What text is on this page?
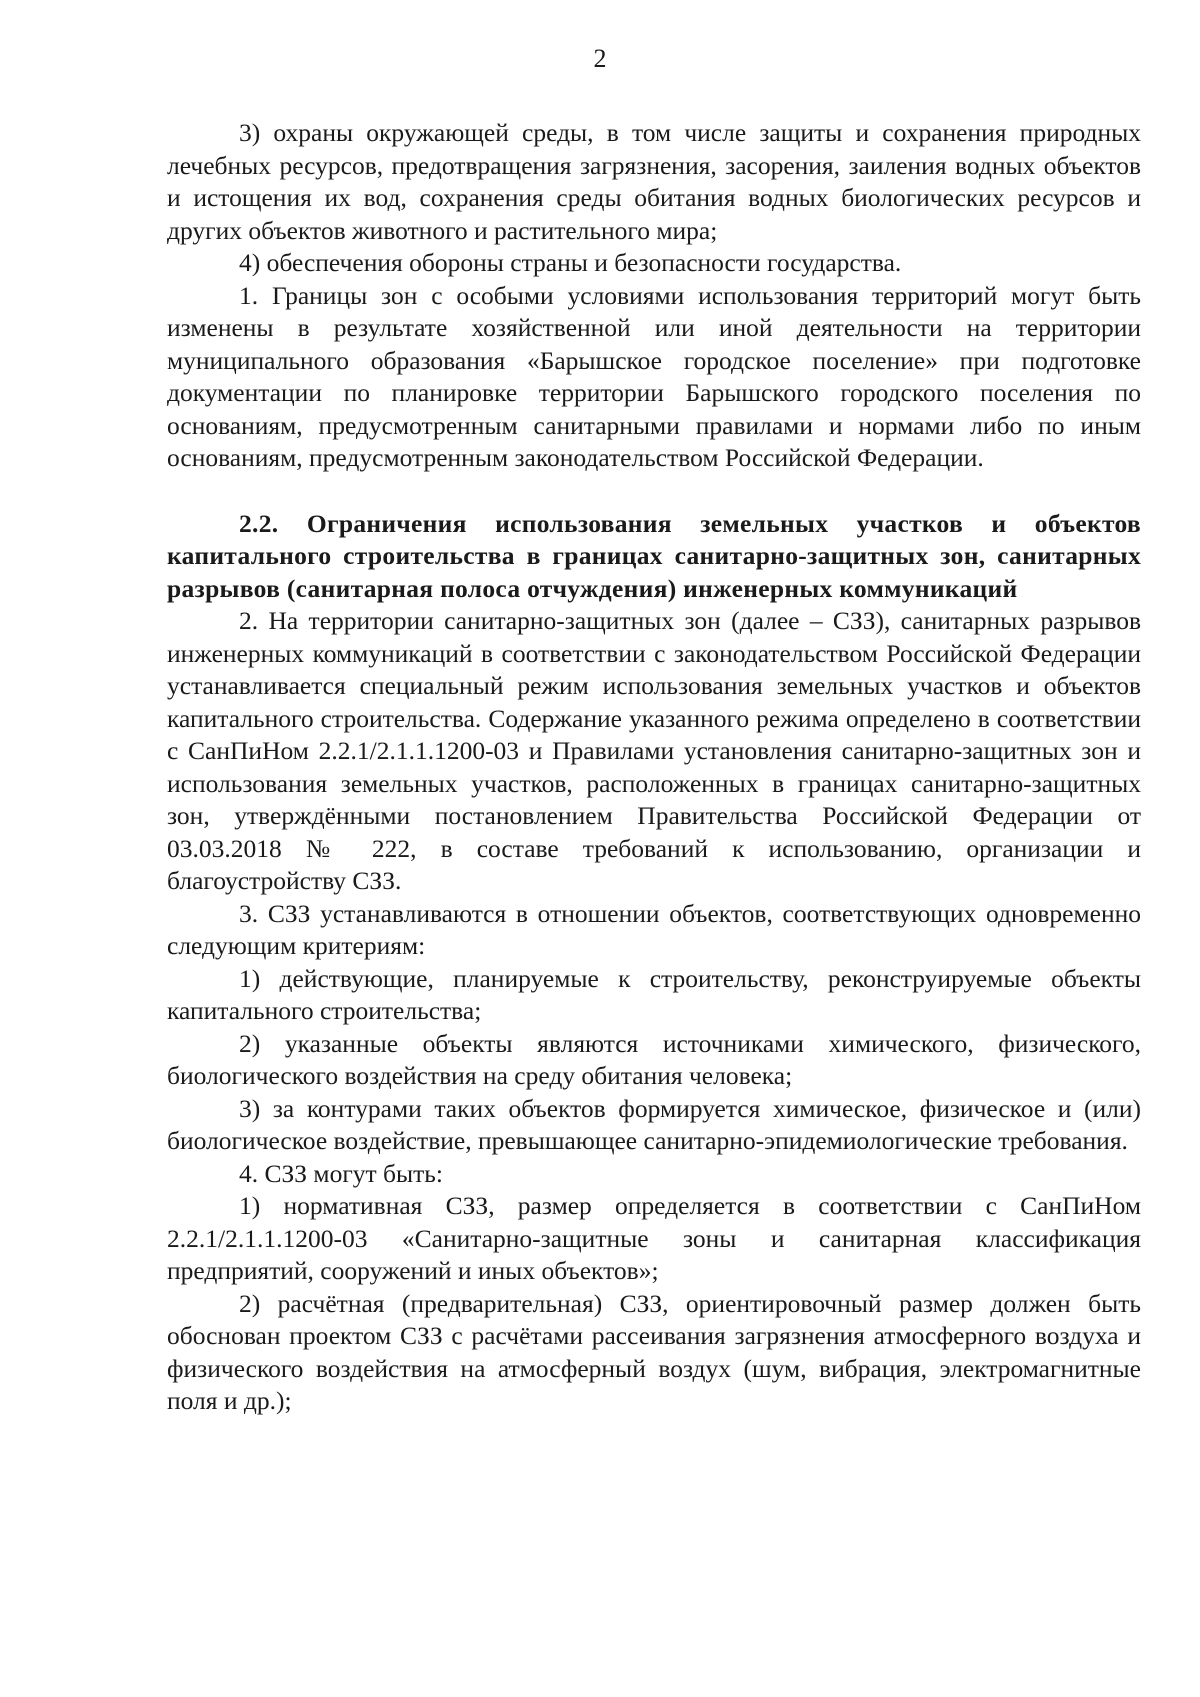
2

3) охраны окружающей среды, в том числе защиты и сохранения природных лечебных ресурсов, предотвращения загрязнения, засорения, заиления водных объектов и истощения их вод, сохранения среды обитания водных биологических ресурсов и других объектов животного и растительного мира;

4) обеспечения обороны страны и безопасности государства.

1. Границы зон с особыми условиями использования территорий могут быть изменены в результате хозяйственной или иной деятельности на территории муниципального образования «Барышское городское поселение» при подготовке документации по планировке территории Барышского городского поселения по основаниям, предусмотренным санитарными правилами и нормами либо по иным основаниям, предусмотренным законодательством Российской Федерации.

2.2. Ограничения использования земельных участков и объектов капитального строительства в границах санитарно-защитных зон, санитарных разрывов (санитарная полоса отчуждения) инженерных коммуникаций

2. На территории санитарно-защитных зон (далее – СЗЗ), санитарных разрывов инженерных коммуникаций в соответствии с законодательством Российской Федерации устанавливается специальный режим использования земельных участков и объектов капитального строительства. Содержание указанного режима определено в соответствии с СанПиНом 2.2.1/2.1.1.1200-03 и Правилами установления санитарно-защитных зон и использования земельных участков, расположенных в границах санитарно-защитных зон, утверждёнными постановлением Правительства Российской Федерации от 03.03.2018 № 222, в составе требований к использованию, организации и благоустройству СЗЗ.

3. СЗЗ устанавливаются в отношении объектов, соответствующих одновременно следующим критериям:

1) действующие, планируемые к строительству, реконструируемые объекты капитального строительства;

2) указанные объекты являются источниками химического, физического, биологического воздействия на среду обитания человека;

3) за контурами таких объектов формируется химическое, физическое и (или) биологическое воздействие, превышающее санитарно-эпидемиологические требования.

4. СЗЗ могут быть:

1) нормативная СЗЗ, размер определяется в соответствии с СанПиНом 2.2.1/2.1.1.1200-03 «Санитарно-защитные зоны и санитарная классификация предприятий, сооружений и иных объектов»;

2) расчётная (предварительная) СЗЗ, ориентировочный размер должен быть обоснован проектом СЗЗ с расчётами рассеивания загрязнения атмосферного воздуха и физического воздействия на атмосферный воздух (шум, вибрация, электромагнитные поля и др.);
